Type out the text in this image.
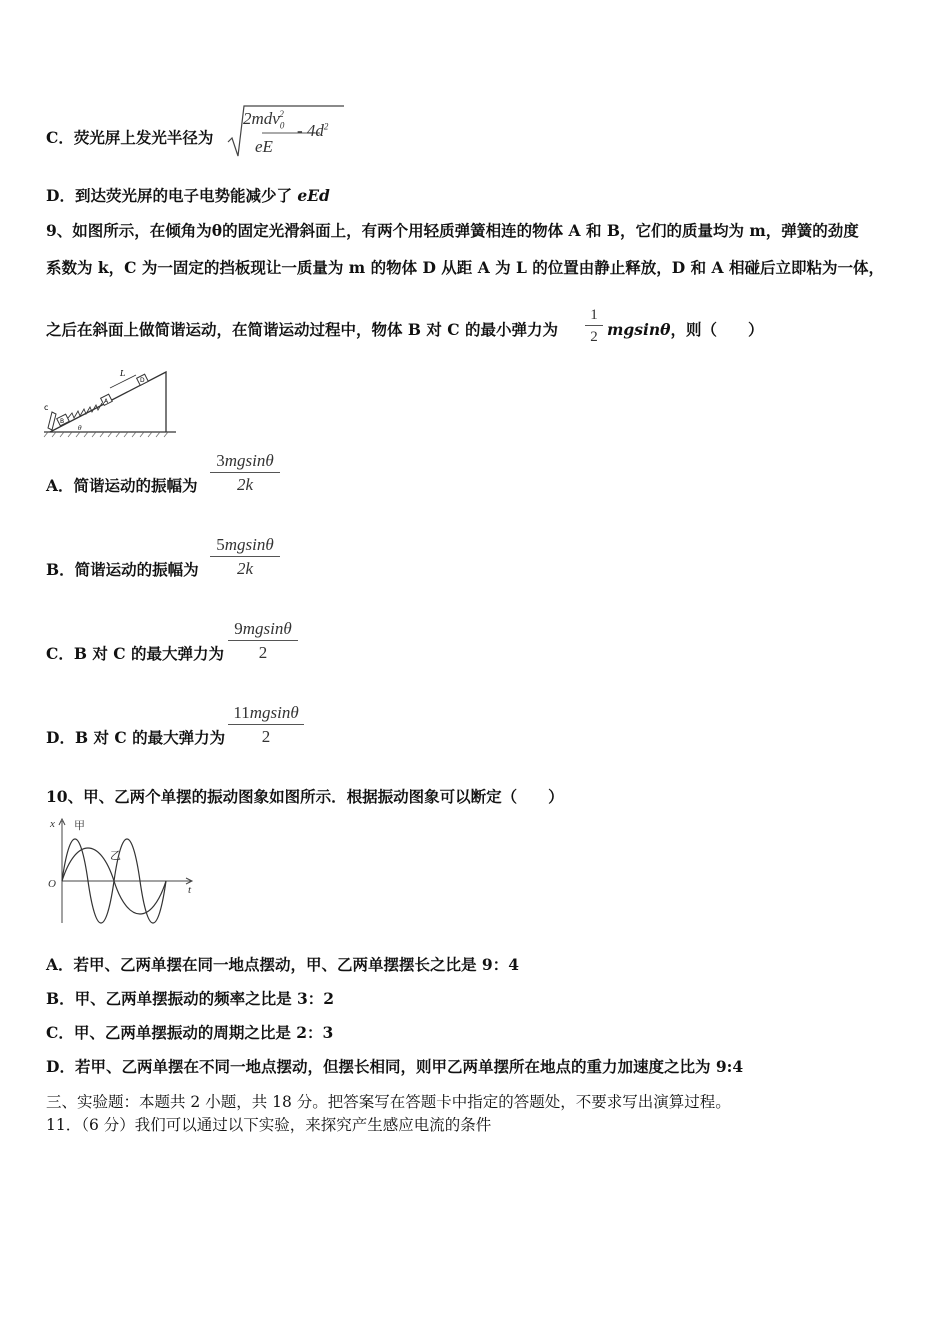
C．荧光屏上发光半径为
2mdv$_0^2$
eE
- $4d^2$
D．到达荧光屏的电子电势能减少了 eEd
9、如图所示，在倾角为θ的固定光滑斜面上，有两个用轻质弹簧相连的物体 A 和 B，它们的质量均为 m，弹簧的劲度
系数为 k，C 为一固定的挡板现让一质量为 m 的物体 D 从距 A 为 L 的位置由静止释放，D 和 A 相碰后立即粘为一体，
之后在斜面上做简谐运动，在简谐运动过程中，物体 B 对 C 的最小弹力为 $\frac{1}{2}$ mgsinθ，则（　　）
c
L
D
A
B
θ
A．简谐运动的振幅为 $\frac{3mgsin\theta}{2k}$
B．简谐运动的振幅为 $\frac{5mgsin\theta}{2k}$
C．B 对 C 的最大弹力为 $\frac{9mgsin\theta}{2}$
D．B 对 C 的最大弹力为 $\frac{11mgsin\theta}{2}$
10、甲、乙两个单摆的振动图象如图所示．根据振动图象可以断定（　　）
x
t
O
甲
乙
A．若甲、乙两单摆在同一地点摆动，甲、乙两单摆摆长之比是 9：4
B．甲、乙两单摆振动的频率之比是 3：2
C．甲、乙两单摆振动的周期之比是 2：3
D．若甲、乙两单摆在不同一地点摆动，但摆长相同，则甲乙两单摆所在地点的重力加速度之比为 9:4
三、实验题：本题共 2 小题，共 18 分。把答案写在答题卡中指定的答题处，不要求写出演算过程。
11．（6 分）我们可以通过以下实验，来探究产生感应电流的条件
